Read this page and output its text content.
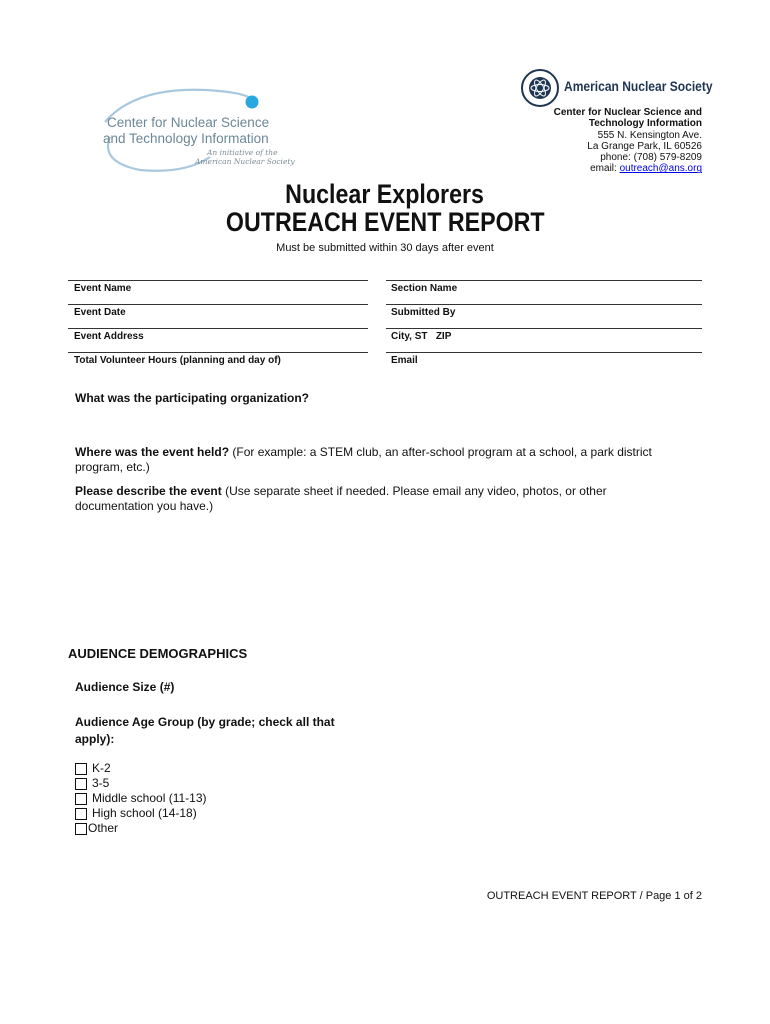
Center for Nuclear Science
and Technology Information
An initiative of the
American Nuclear Society
American Nuclear Society
Center for Nuclear Science and
Technology Information
555 N. Kensington Ave.
La Grange Park, IL 60526
phone: (708) 579-8209
email: outreach@ans.org
Nuclear Explorers
OUTREACH EVENT REPORT
Must be submitted within 30 days after event
Event Name	Section Name
Event Date	Submitted By
Event Address	City, ST   ZIP
Total Volunteer Hours (planning and day of)	Email
What was the participating organization?
Where was the event held? (For example: a STEM club, an after-school program at a school, a park district
program, etc.)
Please describe the event (Use separate sheet if needed. Please email any video, photos, or other
documentation you have.)
AUDIENCE DEMOGRAPHICS
Audience Size (#)
Audience Age Group (by grade; check all that
apply):
K-2
3-5
Middle school (11-13)
High school (14-18)
Other
OUTREACH EVENT REPORT / Page 1 of 2
